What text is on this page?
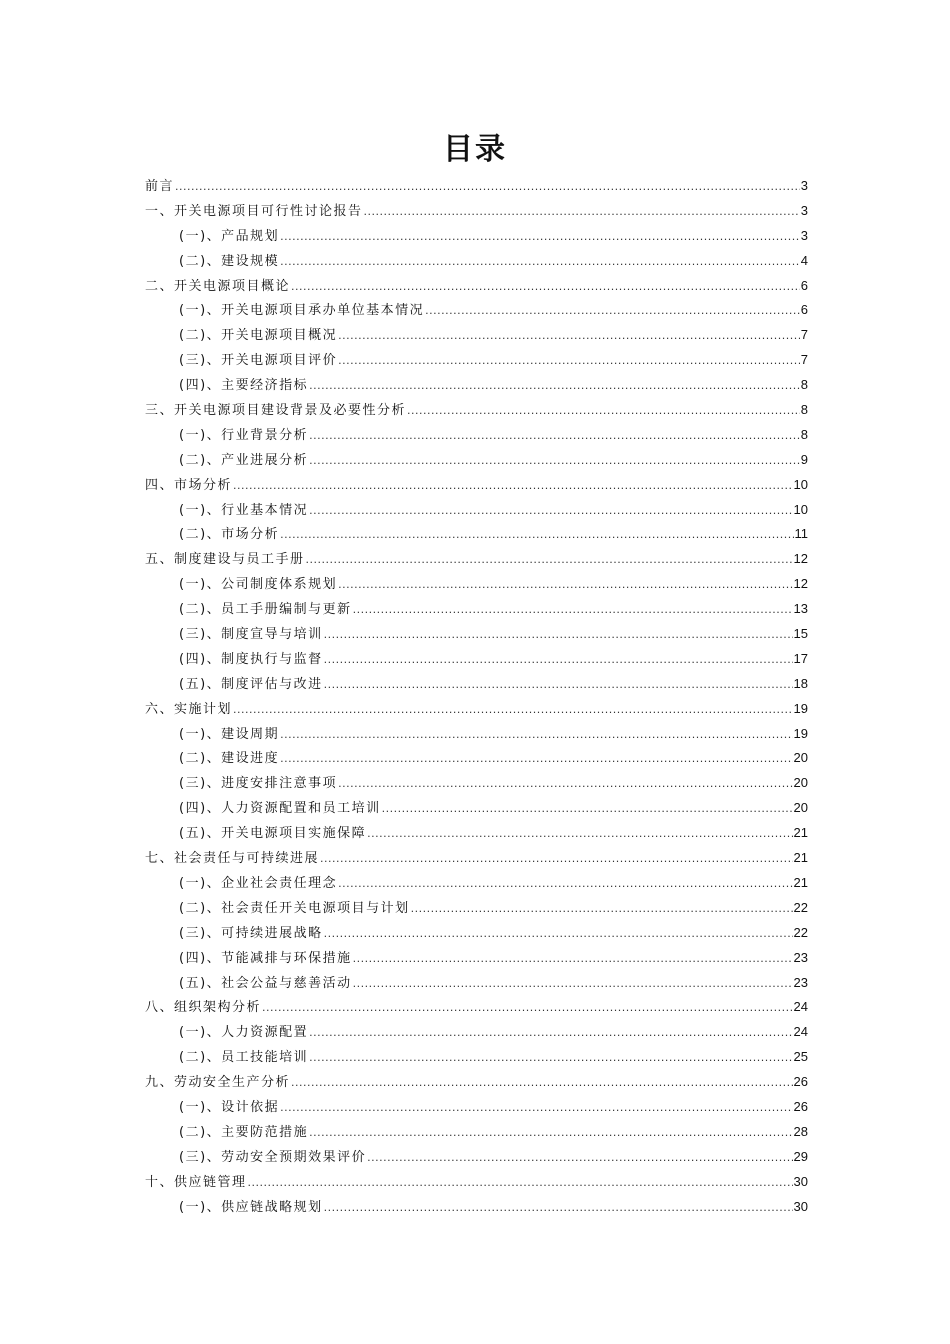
目录
前言 .....	3
一、开关电源项目可行性讨论报告 .....	3
(一)、产品规划 .....	3
(二)、建设规模 .....	4
二、开关电源项目概论 .....	6
(一)、开关电源项目承办单位基本情况 .....	6
(二)、开关电源项目概况 .....	7
(三)、开关电源项目评价 .....	7
(四)、主要经济指标 .....	8
三、开关电源项目建设背景及必要性分析 .....	8
(一)、行业背景分析 .....	8
(二)、产业进展分析 .....	9
四、市场分析 .....	10
(一)、行业基本情况 .....	10
(二)、市场分析 .....	11
五、制度建设与员工手册 .....	12
(一)、公司制度体系规划 .....	12
(二)、员工手册编制与更新 .....	13
(三)、制度宣导与培训 .....	15
(四)、制度执行与监督 .....	17
(五)、制度评估与改进 .....	18
六、实施计划 .....	19
(一)、建设周期 .....	19
(二)、建设进度 .....	20
(三)、进度安排注意事项 .....	20
(四)、人力资源配置和员工培训 .....	20
(五)、开关电源项目实施保障 .....	21
七、社会责任与可持续进展 .....	21
(一)、企业社会责任理念 .....	21
(二)、社会责任开关电源项目与计划 .....	22
(三)、可持续进展战略 .....	22
(四)、节能减排与环保措施 .....	23
(五)、社会公益与慈善活动 .....	23
八、组织架构分析 .....	24
(一)、人力资源配置 .....	24
(二)、员工技能培训 .....	25
九、劳动安全生产分析 .....	26
(一)、设计依据 .....	26
(二)、主要防范措施 .....	28
(三)、劳动安全预期效果评价 .....	29
十、供应链管理 .....	30
(一)、供应链战略规划 .....	30
